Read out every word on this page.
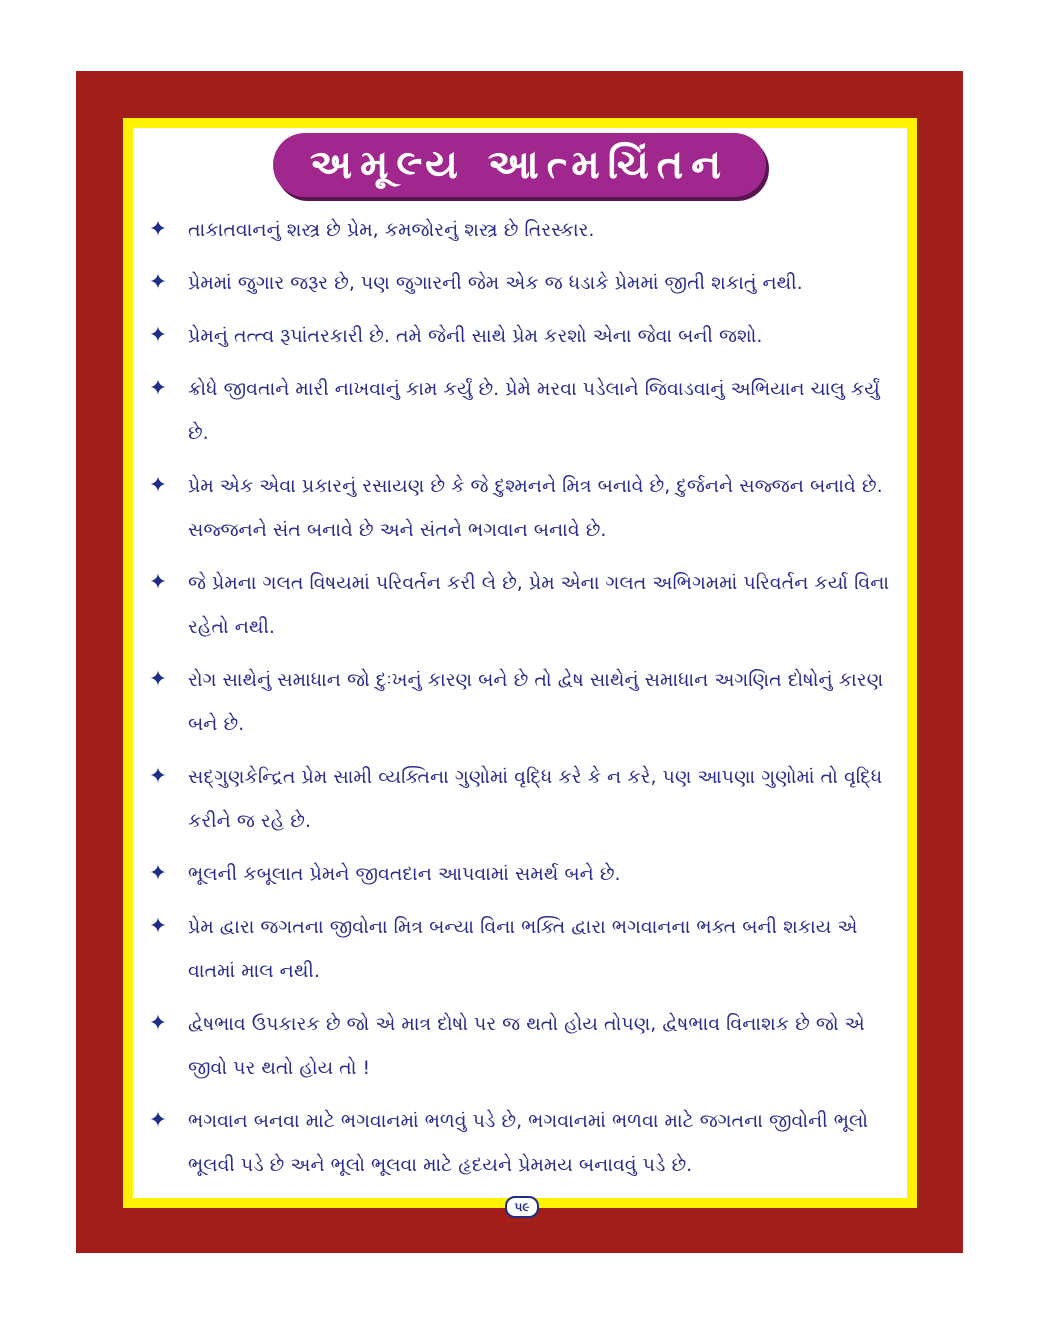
અમૂલ્ય આત્મચિંતન
✦ તાકાતવાનનું શસ્ત્ર છે પ્રેમ, કમજોરનું શસ્ત્ર છે તિરસ્કાર.
✦ પ્રેમમાં જુગાર જરૂર છે, પણ જુગારની જેમ એક જ ધડાકે પ્રેમમાં જીતી શકાતું નથી.
✦ પ્રેમનું તત્ત્વ રૂપાંતરકારી છે. તમે જેની સાથે પ્રેમ કરશો એના જેવા બની જશો.
✦ ક્રોધે જીવતાને મારી નાખવાનું કામ કર્યું છે. પ્રેમે મરવા પડેલાને જિવાડવાનું અભિયાન ચાલુ કર્યું છે.
✦ પ્રેમ એક એવા પ્રકારનું રસાયણ છે કે જે દુશ્મનને મિત્ર બનાવે છે, દુર્જનને સજ્જન બનાવે છે. સજ્જનને સંત બનાવે છે અને સંતને ભગવાન બનાવે છે.
✦ જે પ્રેમના ગલત વિષયમાં પરિવર્તન કરી લે છે, પ્રેમ એના ગલત અભિગમમાં પરિવર્તન કર્યા વિના રહેતો નથી.
✦ રોગ સાથેનું સમાધાન જો દુઃખનું કારણ બને છે તો દ્વેષ સાથેનું સમાધાન અગણિત દોષોનું કારણ બને છે.
✦ સદ્ગુણકેન્દ્રિત પ્રેમ સામી વ્યક્તિના ગુણોમાં વૃદ્ધિ કરે કે ન કરે, પણ આપણા ગુણોમાં તો વૃદ્ધિ કરીને જ રહે છે.
✦ ભૂલની કબૂલાત પ્રેમને જીવતદાન આપવામાં સમર્થ બને છે.
✦ પ્રેમ દ્વારા જગતના જીવોના મિત્ર બન્યા વિના ભક્તિ દ્વારા ભગવાનના ભક્ત બની શકાય એ વાતમાં માલ નથી.
✦ દ્વેષભાવ ઉપકારક છે જો એ માત્ર દોષો પર જ થતો હોય તોપણ, દ્વેષભાવ વિનાશક છે જો એ જીવો પર થતો હોય તો !
✦ ભગવાન બનવા માટે ભગવાનમાં ભળવું પડે છે, ભગવાનમાં ભળવા માટે જગતના જીવોની ભૂલો ભૂલવી પડે છે અને ભૂલો ભૂલવા માટે હૃદયને પ્રેમમય બનાવવું પડે છે.
૫૯
